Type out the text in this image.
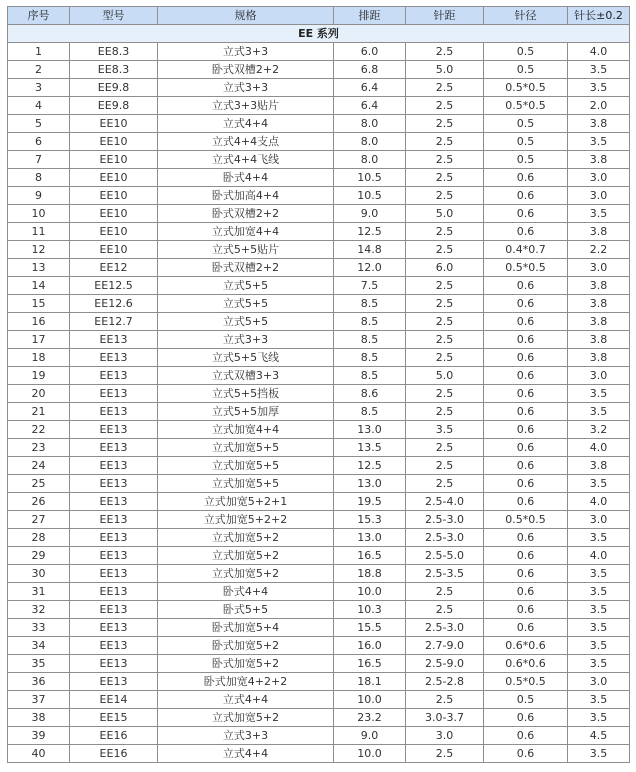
序号	型号	规格	排距	针距	针径	针长±0.2
EE 系列						
1	EE8.3	立式3+3	6.0	2.5	0.5	4.0
2	EE8.3	卧式双槽2+2	6.8	5.0	0.5	3.5
3	EE9.8	立式3+3	6.4	2.5	0.5*0.5	3.5
4	EE9.8	立式3+3贴片	6.4	2.5	0.5*0.5	2.0
5	EE10	立式4+4	8.0	2.5	0.5	3.8
6	EE10	立式4+4支点	8.0	2.5	0.5	3.5
7	EE10	立式4+4飞线	8.0	2.5	0.5	3.8
8	EE10	卧式4+4	10.5	2.5	0.6	3.0
9	EE10	卧式加高4+4	10.5	2.5	0.6	3.0
10	EE10	卧式双槽2+2	9.0	5.0	0.6	3.5
11	EE10	立式加宽4+4	12.5	2.5	0.6	3.8
12	EE10	立式5+5贴片	14.8	2.5	0.4*0.7	2.2
13	EE12	卧式双槽2+2	12.0	6.0	0.5*0.5	3.0
14	EE12.5	立式5+5	7.5	2.5	0.6	3.8
15	EE12.6	立式5+5	8.5	2.5	0.6	3.8
16	EE12.7	立式5+5	8.5	2.5	0.6	3.8
17	EE13	立式3+3	8.5	2.5	0.6	3.8
18	EE13	立式5+5飞线	8.5	2.5	0.6	3.8
19	EE13	立式双槽3+3	8.5	5.0	0.6	3.0
20	EE13	立式5+5挡板	8.6	2.5	0.6	3.5
21	EE13	立式5+5加厚	8.5	2.5	0.6	3.5
22	EE13	立式加宽4+4	13.0	3.5	0.6	3.2
23	EE13	立式加宽5+5	13.5	2.5	0.6	4.0
24	EE13	立式加宽5+5	12.5	2.5	0.6	3.8
25	EE13	立式加宽5+5	13.0	2.5	0.6	3.5
26	EE13	立式加宽5+2+1	19.5	2.5-4.0	0.6	4.0
27	EE13	立式加宽5+2+2	15.3	2.5-3.0	0.5*0.5	3.0
28	EE13	立式加宽5+2	13.0	2.5-3.0	0.6	3.5
29	EE13	立式加宽5+2	16.5	2.5-5.0	0.6	4.0
30	EE13	立式加宽5+2	18.8	2.5-3.5	0.6	3.5
31	EE13	卧式4+4	10.0	2.5	0.6	3.5
32	EE13	卧式5+5	10.3	2.5	0.6	3.5
33	EE13	卧式加宽5+4	15.5	2.5-3.0	0.6	3.5
34	EE13	卧式加宽5+2	16.0	2.7-9.0	0.6*0.6	3.5
35	EE13	卧式加宽5+2	16.5	2.5-9.0	0.6*0.6	3.5
36	EE13	卧式加宽4+2+2	18.1	2.5-2.8	0.5*0.5	3.0
37	EE14	立式4+4	10.0	2.5	0.5	3.5
38	EE15	立式加宽5+2	23.2	3.0-3.7	0.6	3.5
39	EE16	立式3+3	9.0	3.0	0.6	4.5
40	EE16	立式4+4	10.0	2.5	0.6	3.5
